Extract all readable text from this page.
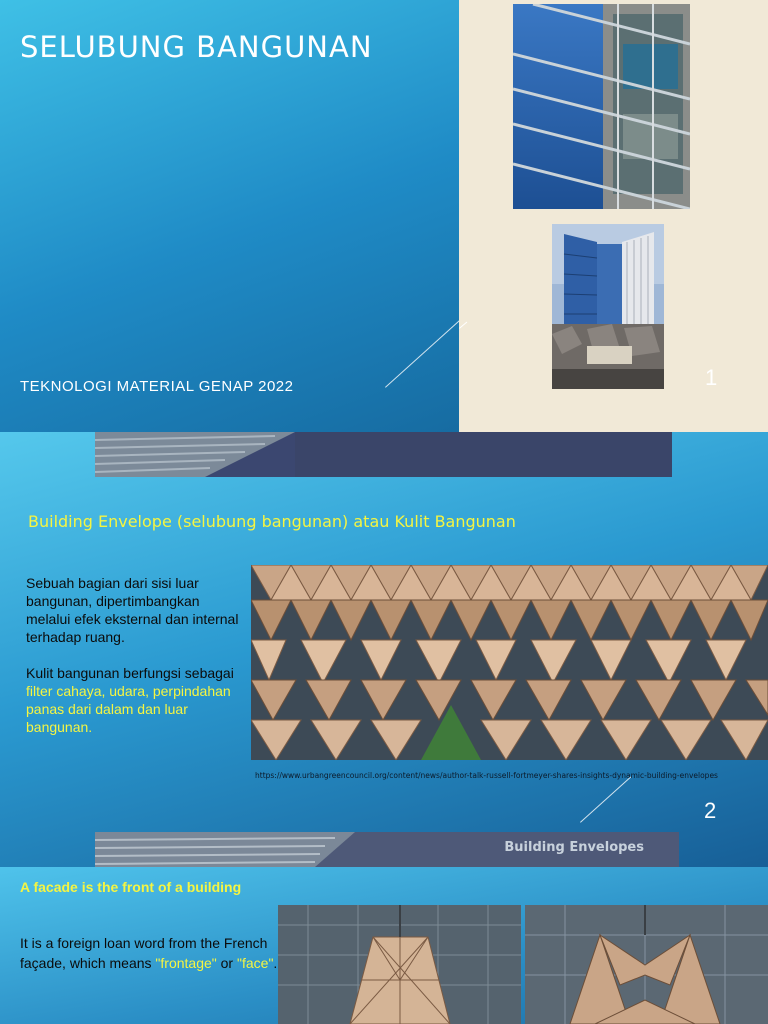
SELUBUNG BANGUNAN
TEKNOLOGI MATERIAL GENAP 2022	1
Building Envelope (selubung bangunan) atau Kulit Bangunan

Sebuah bagian dari sisi luar bangunan, dipertimbangkan melalui efek eksternal dan internal terhadap ruang.

Kulit bangunan berfungsi sebagai filter cahaya, udara, perpindahan panas dari dalam dan luar bangunan.

https://www.urbangreencouncil.org/content/news/author-talk-russell-fortmeyer-shares-insights-dynamic-building-envelopes
2
Building Envelopes
A facade is the front of a building
It is a foreign loan word from the French façade, which means "frontage" or "face".
